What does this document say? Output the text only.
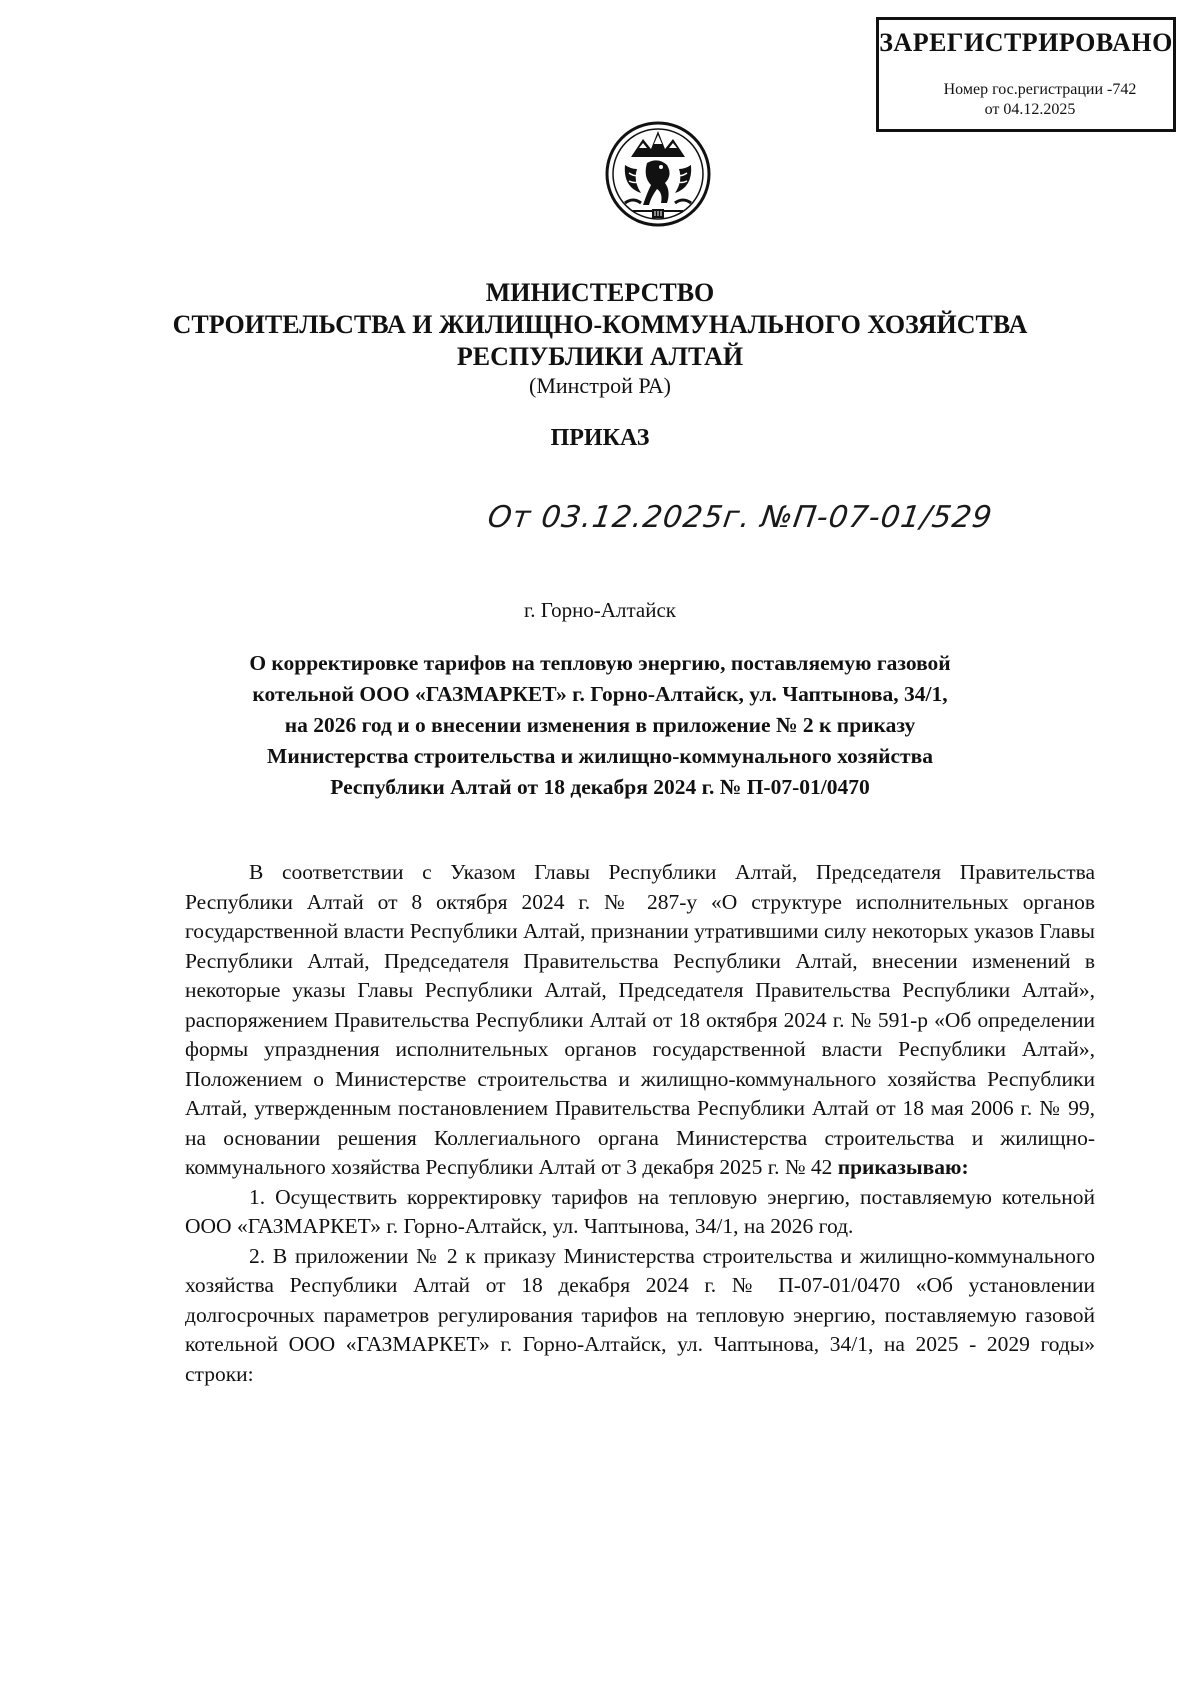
ЗАРЕГИСТРИРОВАНО
Номер гос.регистрации -742
от 04.12.2025
МИНИСТЕРСТВО
СТРОИТЕЛЬСТВА И ЖИЛИЩНО-КОММУНАЛЬНОГО ХОЗЯЙСТВА
РЕСПУБЛИКИ АЛТАЙ
(Минстрой РА)
ПРИКАЗ
От 03.12.2025г. №П-07-01/529
г. Горно-Алтайск
О корректировке тарифов на тепловую энергию, поставляемую газовой
котельной ООО «ГАЗМАРКЕТ» г. Горно-Алтайск, ул. Чаптынова, 34/1,
на 2026 год и о внесении изменения в приложение № 2 к приказу
Министерства строительства и жилищно-коммунального хозяйства
Республики Алтай от 18 декабря 2024 г. № П-07-01/0470

В соответствии с Указом Главы Республики Алтай, Председателя Правительства Республики Алтай от 8 октября 2024 г. № 287-у «О структуре исполнительных органов государственной власти Республики Алтай, признании утратившими силу некоторых указов Главы Республики Алтай, Председателя Правительства Республики Алтай, внесении изменений в некоторые указы Главы Республики Алтай, Председателя Правительства Республики Алтай», распоряжением Правительства Республики Алтай от 18 октября 2024 г. № 591-р «Об определении формы упразднения исполнительных органов государственной власти Республики Алтай», Положением о Министерстве строительства и жилищно-коммунального хозяйства Республики Алтай, утвержденным постановлением Правительства Республики Алтай от 18 мая 2006 г. № 99, на основании решения Коллегиального органа Министерства строительства и жилищно-коммунального хозяйства Республики Алтай от 3 декабря 2025 г. № 42 приказываю:

1. Осуществить корректировку тарифов на тепловую энергию, поставляемую котельной ООО «ГАЗМАРКЕТ» г. Горно-Алтайск, ул. Чаптынова, 34/1, на 2026 год.

2. В приложении № 2 к приказу Министерства строительства и жилищно-коммунального хозяйства Республики Алтай от 18 декабря 2024 г. № П-07-01/0470 «Об установлении долгосрочных параметров регулирования тарифов на тепловую энергию, поставляемую газовой котельной ООО «ГАЗМАРКЕТ» г. Горно-Алтайск, ул. Чаптынова, 34/1, на 2025 - 2029 годы» строки:
